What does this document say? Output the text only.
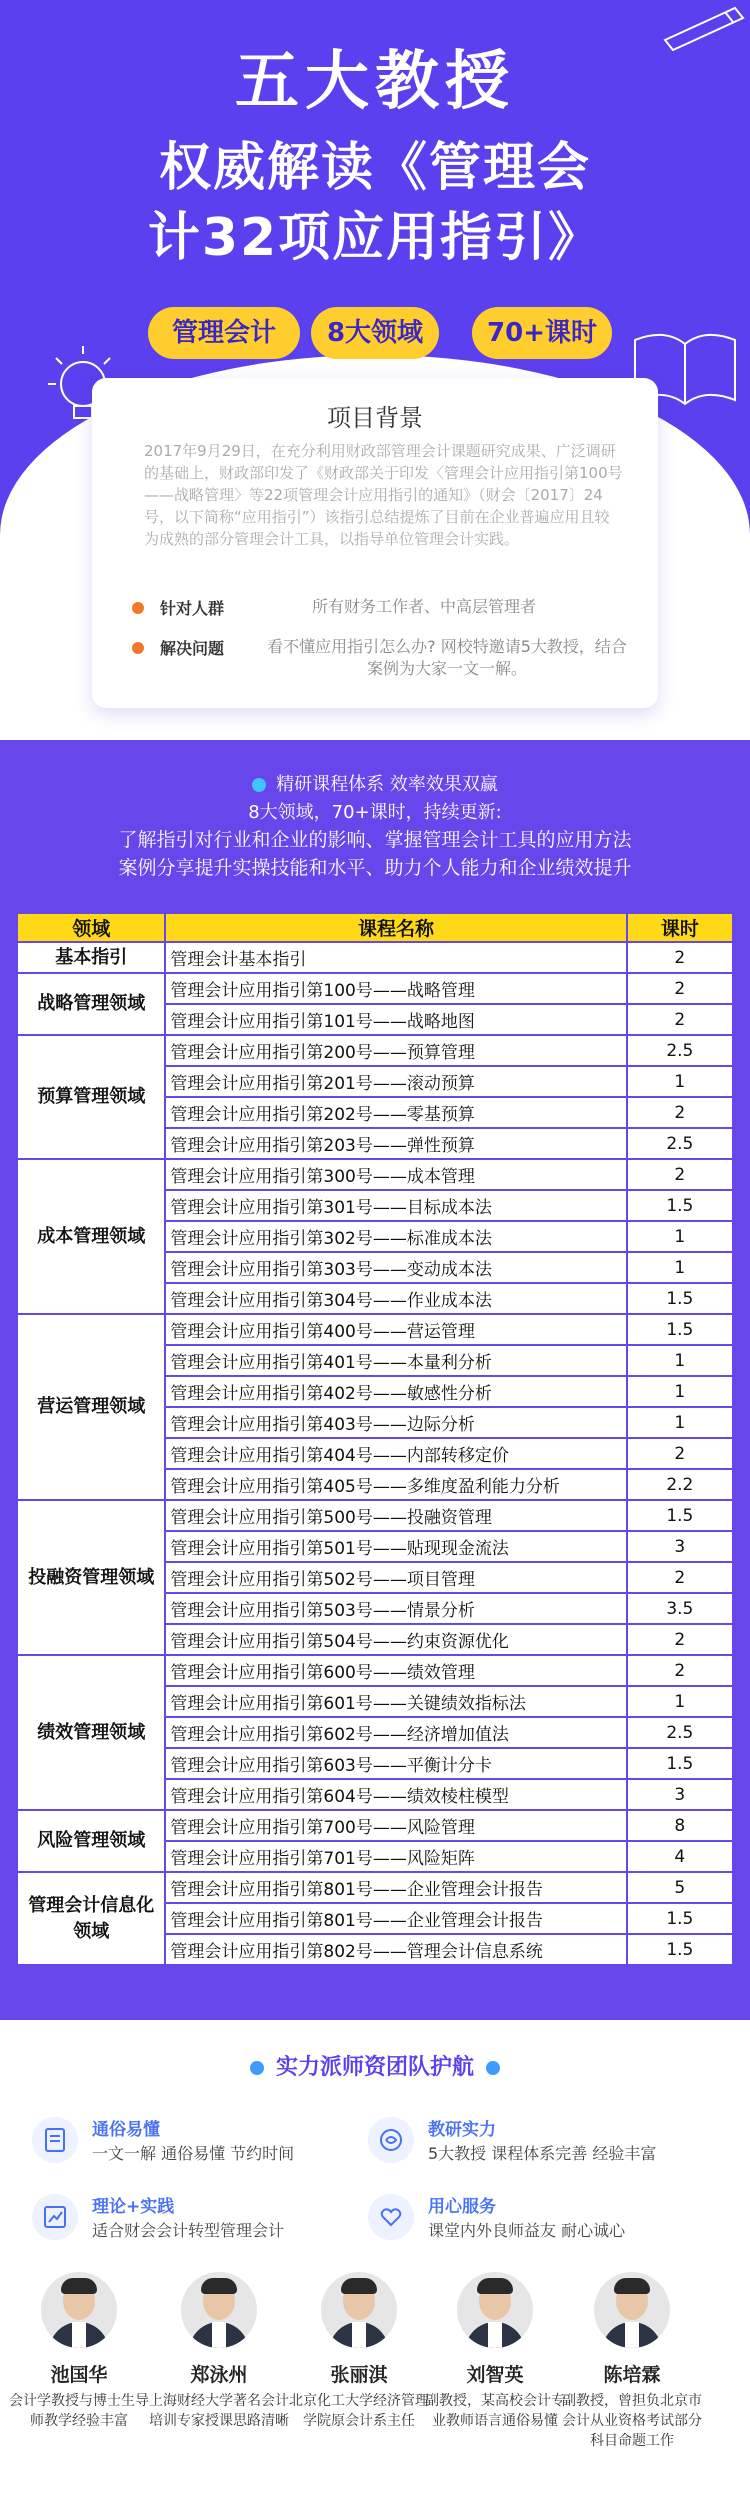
五大教授
权威解读《管理会
计32项应用指引》
管理会计	8大领域	70+课时
项目背景
2017年9月29日，在充分利用财政部管理会计课题研究成果、广泛调研的基础上，财政部印发了《财政部关于印发〈管理会计应用指引第100号——战略管理〉等22项管理会计应用指引的通知》（财会〔2017〕24号，以下简称“应用指引”）该指引总结提炼了目前在企业普遍应用且较为成熟的部分管理会计工具，以指导单位管理会计实践。
针对人群	所有财务工作者、中高层管理者
解决问题	看不懂应用指引怎么办? 网校特邀请5大教授，结合案例为大家一文一解。
精研课程体系 效率效果双赢
8大领域，70+课时，持续更新:
了解指引对行业和企业的影响、掌握管理会计工具的应用方法
案例分享提升实操技能和水平、助力个人能力和企业绩效提升
领域	课程名称	课时
基本指引	管理会计基本指引	2
战略管理领域	管理会计应用指引第100号——战略管理	2
	管理会计应用指引第101号——战略地图	2
预算管理领域	管理会计应用指引第200号——预算管理	2.5
	管理会计应用指引第201号——滚动预算	1
	管理会计应用指引第202号——零基预算	2
	管理会计应用指引第203号——弹性预算	2.5
成本管理领域	管理会计应用指引第300号——成本管理	2
	管理会计应用指引第301号——目标成本法	1.5
	管理会计应用指引第302号——标准成本法	1
	管理会计应用指引第303号——变动成本法	1
	管理会计应用指引第304号——作业成本法	1.5
营运管理领域	管理会计应用指引第400号——营运管理	1.5
	管理会计应用指引第401号——本量利分析	1
	管理会计应用指引第402号——敏感性分析	1
	管理会计应用指引第403号——边际分析	1
	管理会计应用指引第404号——内部转移定价	2
	管理会计应用指引第405号——多维度盈利能力分析	2.2
投融资管理领域	管理会计应用指引第500号——投融资管理	1.5
	管理会计应用指引第501号——贴现现金流法	3
	管理会计应用指引第502号——项目管理	2
	管理会计应用指引第503号——情景分析	3.5
	管理会计应用指引第504号——约束资源优化	2
绩效管理领域	管理会计应用指引第600号——绩效管理	2
	管理会计应用指引第601号——关键绩效指标法	1
	管理会计应用指引第602号——经济增加值法	2.5
	管理会计应用指引第603号——平衡计分卡	1.5
	管理会计应用指引第604号——绩效棱柱模型	3
风险管理领域	管理会计应用指引第700号——风险管理	8
	管理会计应用指引第701号——风险矩阵	4
管理会计信息化领域	管理会计应用指引第801号——企业管理会计报告	5
	管理会计应用指引第801号——企业管理会计报告	1.5
	管理会计应用指引第802号——管理会计信息系统	1.5
实力派师资团队护航
通俗易懂
一文一解 通俗易懂 节约时间
教研实力
5大教授 课程体系完善 经验丰富
理论+实践
适合财会会计转型管理会计
用心服务
课堂内外良师益友 耐心诚心
池国华
会计学教授与博士生导师教学经验丰富
郑泳州
上海财经大学著名会计培训专家授课思路清晰
张丽淇
北京化工大学经济管理学院原会计系主任
刘智英
副教授，某高校会计专业教师语言通俗易懂
陈培霖
副教授，曾担负北京市会计从业资格考试部分科目命题工作
